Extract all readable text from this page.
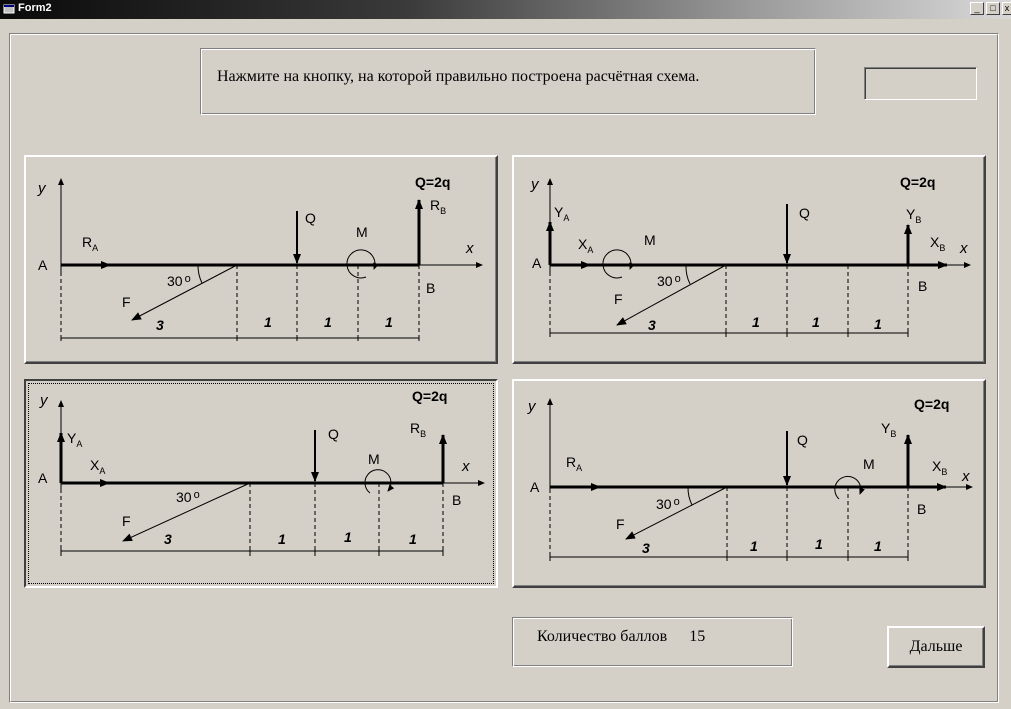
Form2	_	□	x
Нажмите на кнопку, на которой правильно построена расчётная схема.
y
x
A
B
$R_A$
F
30 $^o$
Q
M
$R_B$
Q=2q
3	1	1	1
y
x
A
B
$Y_A$
$X_A$
M
F
30 $^o$
Q	$Y_B$
$X_B$
Q=2q
3	1	1	1
y
x
A
B
$Y_A$
$X_A$
F
30 $^o$
Q
M
$R_B$
Q=2q
3	1	1	1
y
x
A
B
$R_A$
F
30 $^o$
Q
M
$Y_B$
$X_B$
Q=2q
3	1	1	1
Количество баллов 15
Дальше
